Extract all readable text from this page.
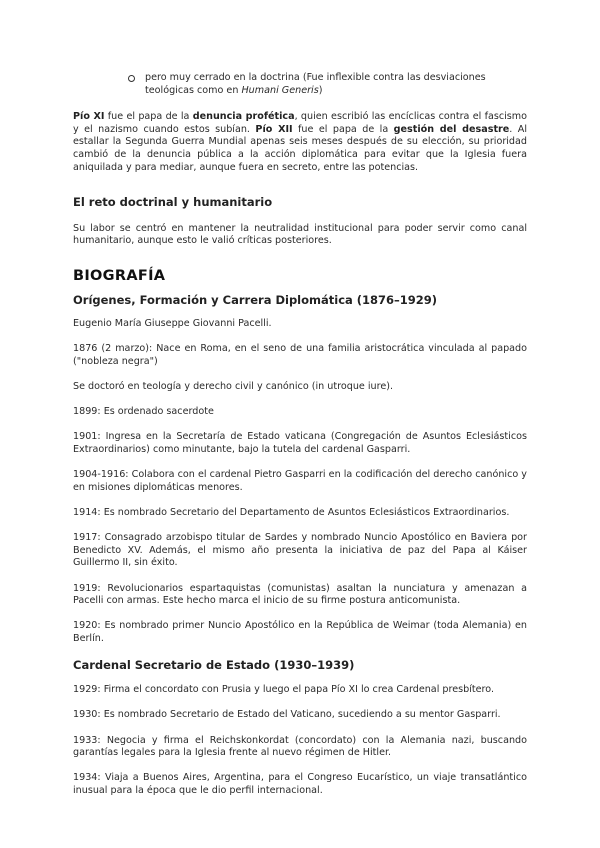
pero muy cerrado en la doctrina (Fue inflexible contra las desviaciones teológicas como en Humani Generis)

Pío XI fue el papa de la denuncia profética, quien escribió las encíclicas contra el fascismo y el nazismo cuando estos subían. Pío XII fue el papa de la gestión del desastre. Al estallar la Segunda Guerra Mundial apenas seis meses después de su elección, su prioridad cambió de la denuncia pública a la acción diplomática para evitar que la Iglesia fuera aniquilada y para mediar, aunque fuera en secreto, entre las potencias.

El reto doctrinal y humanitario

Su labor se centró en mantener la neutralidad institucional para poder servir como canal humanitario, aunque esto le valió críticas posteriores.

BIOGRAFÍA
Orígenes, Formación y Carrera Diplomática (1876–1929)

Eugenio María Giuseppe Giovanni Pacelli.

1876 (2 marzo): Nace en Roma, en el seno de una familia aristocrática vinculada al papado ("nobleza negra")

Se doctoró en teología y derecho civil y canónico (in utroque iure).

1899: Es ordenado sacerdote

1901: Ingresa en la Secretaría de Estado vaticana (Congregación de Asuntos Eclesiásticos Extraordinarios) como minutante, bajo la tutela del cardenal Gasparri.

1904-1916: Colabora con el cardenal Pietro Gasparri en la codificación del derecho canónico y en misiones diplomáticas menores.

1914: Es nombrado Secretario del Departamento de Asuntos Eclesiásticos Extraordinarios.

1917: Consagrado arzobispo titular de Sardes y nombrado Nuncio Apostólico en Baviera por Benedicto XV. Además, el mismo año presenta la iniciativa de paz del Papa al Káiser Guillermo II, sin éxito.

1919: Revolucionarios espartaquistas (comunistas) asaltan la nunciatura y amenazan a Pacelli con armas. Este hecho marca el inicio de su firme postura anticomunista.

1920: Es nombrado primer Nuncio Apostólico en la República de Weimar (toda Alemania) en Berlín.

Cardenal Secretario de Estado (1930–1939)

1929: Firma el concordato con Prusia y luego el papa Pío XI lo crea Cardenal presbítero.

1930: Es nombrado Secretario de Estado del Vaticano, sucediendo a su mentor Gasparri.

1933: Negocia y firma el Reichskonkordat (concordato) con la Alemania nazi, buscando garantías legales para la Iglesia frente al nuevo régimen de Hitler.

1934: Viaja a Buenos Aires, Argentina, para el Congreso Eucarístico, un viaje transatlántico inusual para la época que le dio perfil internacional.
